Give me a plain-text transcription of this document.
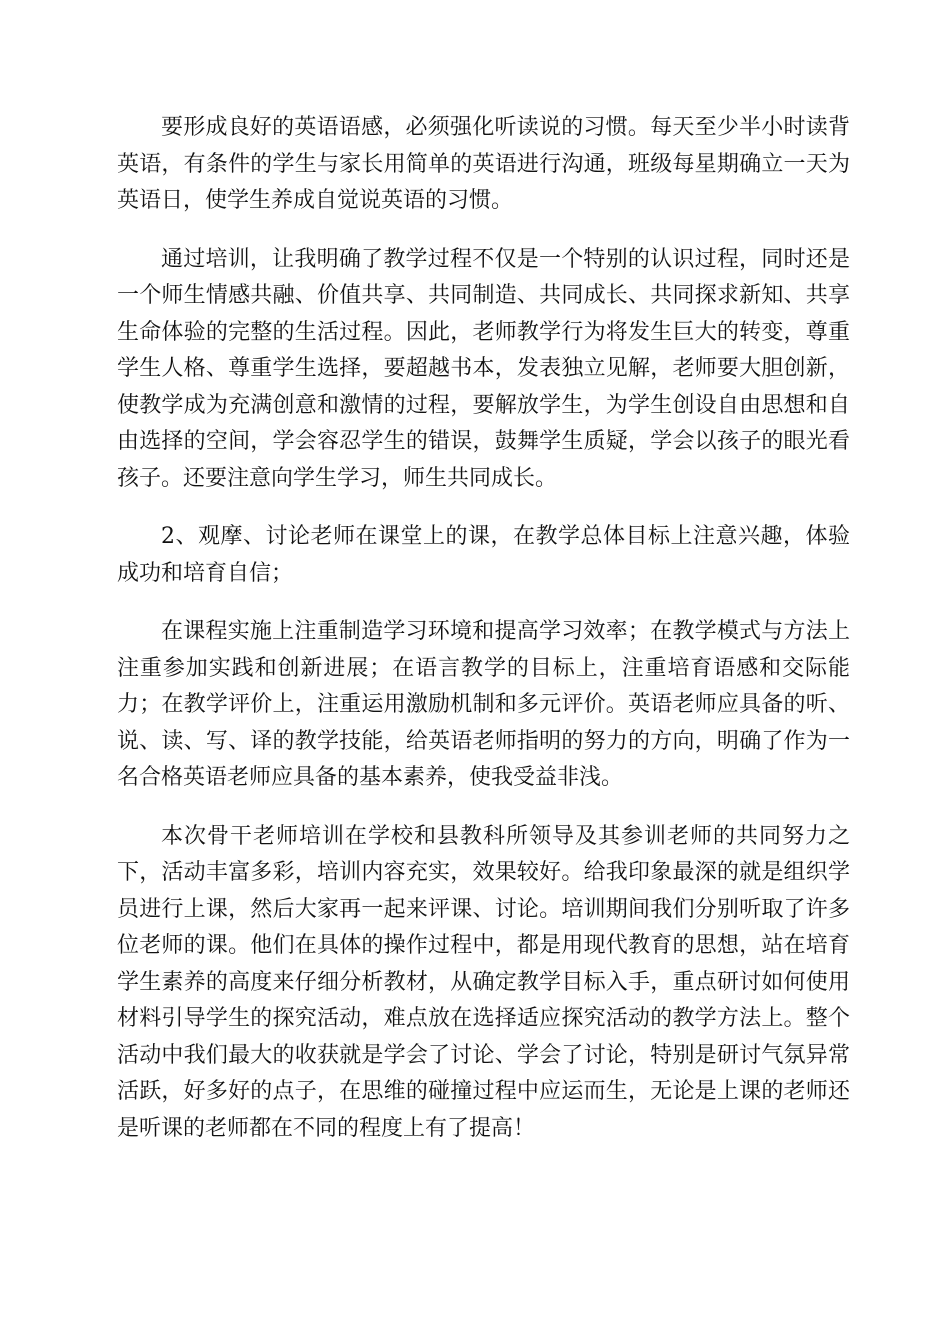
要形成良好的英语语感，必须强化听读说的习惯。每天至少半小时读背英语，有条件的学生与家长用简单的英语进行沟通，班级每星期确立一天为英语日，使学生养成自觉说英语的习惯。

通过培训，让我明确了教学过程不仅是一个特别的认识过程，同时还是一个师生情感共融、价值共享、共同制造、共同成长、共同探求新知、共享生命体验的完整的生活过程。因此，老师教学行为将发生巨大的转变，尊重学生人格、尊重学生选择，要超越书本，发表独立见解，老师要大胆创新，使教学成为充满创意和激情的过程，要解放学生，为学生创设自由思想和自由选择的空间，学会容忍学生的错误，鼓舞学生质疑，学会以孩子的眼光看孩子。还要注意向学生学习，师生共同成长。

2、观摩、讨论老师在课堂上的课，在教学总体目标上注意兴趣，体验成功和培育自信；

在课程实施上注重制造学习环境和提高学习效率；在教学模式与方法上注重参加实践和创新进展；在语言教学的目标上，注重培育语感和交际能力；在教学评价上，注重运用激励机制和多元评价。英语老师应具备的听、说、读、写、译的教学技能，给英语老师指明的努力的方向，明确了作为一名合格英语老师应具备的基本素养，使我受益非浅。

本次骨干老师培训在学校和县教科所领导及其参训老师的共同努力之下，活动丰富多彩，培训内容充实，效果较好。给我印象最深的就是组织学员进行上课，然后大家再一起来评课、讨论。培训期间我们分别听取了许多位老师的课。他们在具体的操作过程中，都是用现代教育的思想，站在培育学生素养的高度来仔细分析教材，从确定教学目标入手，重点研讨如何使用材料引导学生的探究活动，难点放在选择适应探究活动的教学方法上。整个活动中我们最大的收获就是学会了讨论、学会了讨论，特别是研讨气氛异常活跃，好多好的点子，在思维的碰撞过程中应运而生，无论是上课的老师还是听课的老师都在不同的程度上有了提高！
